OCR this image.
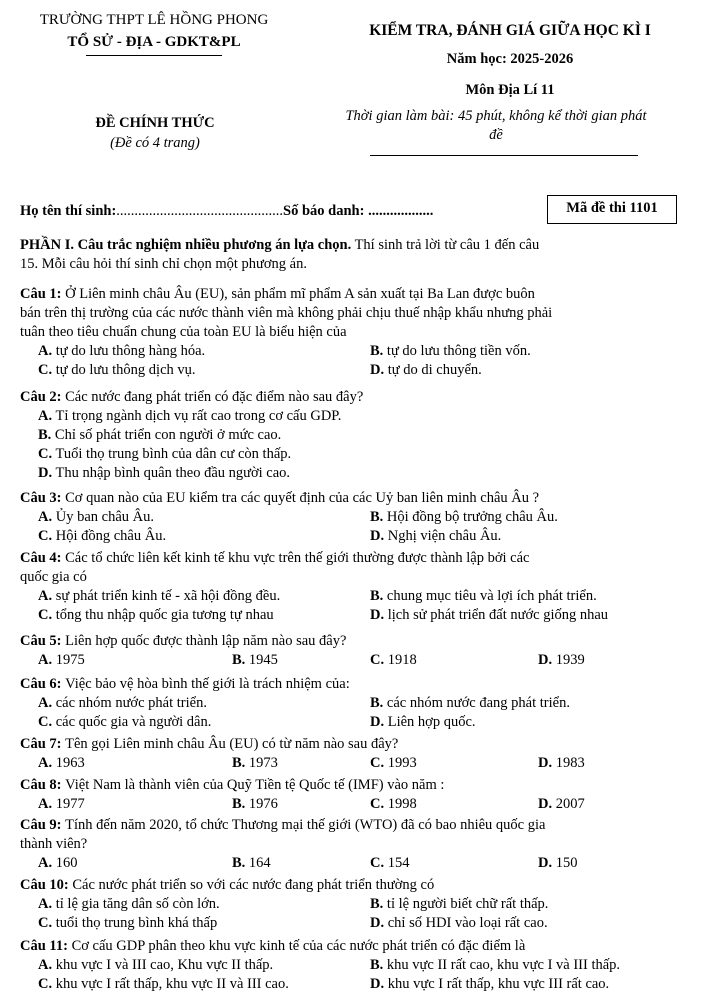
TRƯỜNG THPT LÊ HỒNG PHONG
TỔ SỬ - ĐỊA - GDKT&PL
KIỂM TRA, ĐÁNH GIÁ GIỮA HỌC KÌ I
Năm học: 2025-2026
Môn Địa Lí 11
ĐỀ CHÍNH THỨC
(Đề có 4 trang)
Thời gian làm bài: 45 phút, không kể thời gian phát
đề
Họ tên thí sinh:..............................................Số báo danh: ..................	Mã đề thi 1101
PHẦN I. Câu trắc nghiệm nhiều phương án lựa chọn. Thí sinh trả lời từ câu 1 đến câu
15. Mỗi câu hỏi thí sinh chỉ chọn một phương án.
Câu 1: Ở Liên minh châu Âu (EU), sản phẩm mĩ phẩm A sản xuất tại Ba Lan được buôn
bán trên thị trường của các nước thành viên mà không phải chịu thuế nhập khẩu nhưng phải
tuân theo tiêu chuẩn chung của toàn EU là biểu hiện của
A. tự do lưu thông hàng hóa.	B. tự do lưu thông tiền vốn.
C. tự do lưu thông dịch vụ.	D. tự do di chuyển.
Câu 2: Các nước đang phát triển có đặc điểm nào sau đây?
A. Tỉ trọng ngành dịch vụ rất cao trong cơ cấu GDP.
B. Chỉ số phát triển con người ở mức cao.
C. Tuổi thọ trung bình của dân cư còn thấp.
D. Thu nhập bình quân theo đầu người cao.
Câu 3: Cơ quan nào của EU kiểm tra các quyết định của các Uỷ ban liên minh châu Âu ?
A. Ủy ban châu Âu.	B. Hội đồng bộ trưởng châu Âu.
C. Hội đồng châu Âu.	D. Nghị viện châu Âu.
Câu 4: Các tổ chức liên kết kinh tế khu vực trên thế giới thường được thành lập bởi các
quốc gia có
A. sự phát triển kinh tế - xã hội đồng đều.	B. chung mục tiêu và lợi ích phát triển.
C. tổng thu nhập quốc gia tương tự nhau	D. lịch sử phát triển đất nước giống nhau
Câu 5: Liên hợp quốc được thành lập năm nào sau đây?
A. 1975	B. 1945	C. 1918	D. 1939
Câu 6: Việc bảo vệ hòa bình thế giới là trách nhiệm của:
A. các nhóm nước phát triển.	B. các nhóm nước đang phát triển.
C. các quốc gia và người dân.	D. Liên hợp quốc.
Câu 7: Tên gọi Liên minh châu Âu (EU) có từ năm nào sau đây?
A. 1963	B. 1973	C. 1993	D. 1983
Câu 8: Việt Nam là thành viên của Quỹ Tiền tệ Quốc tế (IMF) vào năm :
A. 1977	B. 1976	C. 1998	D. 2007
Câu 9: Tính đến năm 2020, tổ chức Thương mại thế giới (WTO) đã có bao nhiêu quốc gia
thành viên?
A. 160	B. 164	C. 154	D. 150
Câu 10: Các nước phát triển so với các nước đang phát triển thường có
A. tỉ lệ gia tăng dân số còn lớn.	B. tỉ lệ người biết chữ rất thấp.
C. tuổi thọ trung bình khá thấp	D. chỉ số HDI vào loại rất cao.
Câu 11: Cơ cấu GDP phân theo khu vực kinh tế của các nước phát triển có đặc điểm là
A. khu vực I và III cao, Khu vực II thấp.	B. khu vực II rất cao, khu vực I và III thấp.
C. khu vực I rất thấp, khu vực II và III cao.	D. khu vực I rất thấp, khu vực III rất cao.
